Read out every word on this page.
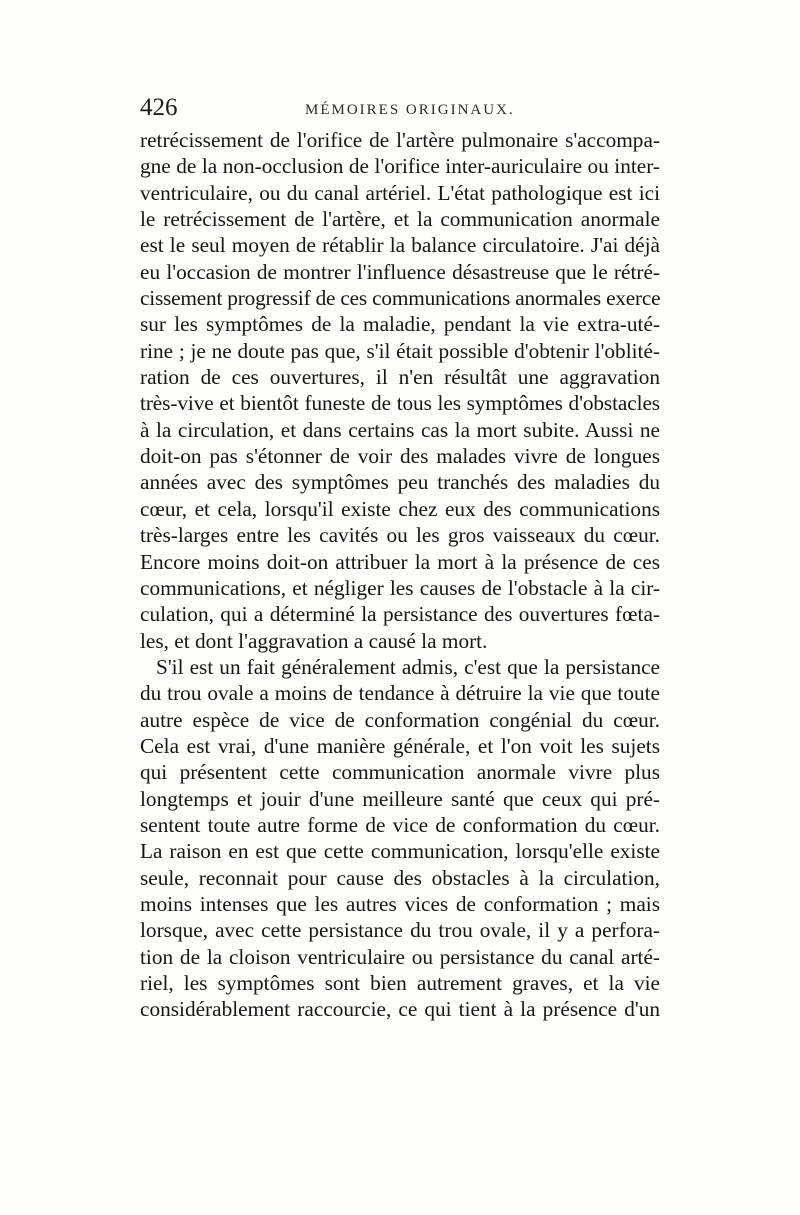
426	MÉMOIRES ORIGINAUX.
retrécissement de l'orifice de l'artère pulmonaire s'accompa-
gne de la non-occlusion de l'orifice inter-auriculaire ou inter-
ventriculaire, ou du canal artériel. L'état pathologique est ici
le retrécissement de l'artère, et la communication anormale
est le seul moyen de rétablir la balance circulatoire. J'ai déjà
eu l'occasion de montrer l'influence désastreuse que le rétré-
cissement progressif de ces communications anormales exerce
sur les symptômes de la maladie, pendant la vie extra-uté-
rine ; je ne doute pas que, s'il était possible d'obtenir l'oblité-
ration de ces ouvertures, il n'en résultât une aggravation
très-vive et bientôt funeste de tous les symptômes d'obstacles
à la circulation, et dans certains cas la mort subite. Aussi ne
doit-on pas s'étonner de voir des malades vivre de longues
années avec des symptômes peu tranchés des maladies du
cœur, et cela, lorsqu'il existe chez eux des communications
très-larges entre les cavités ou les gros vaisseaux du cœur.
Encore moins doit-on attribuer la mort à la présence de ces
communications, et négliger les causes de l'obstacle à la cir-
culation, qui a déterminé la persistance des ouvertures fœta-
les, et dont l'aggravation a causé la mort.
S'il est un fait généralement admis, c'est que la persistance
du trou ovale a moins de tendance à détruire la vie que toute
autre espèce de vice de conformation congénial du cœur.
Cela est vrai, d'une manière générale, et l'on voit les sujets
qui présentent cette communication anormale vivre plus
longtemps et jouir d'une meilleure santé que ceux qui pré-
sentent toute autre forme de vice de conformation du cœur.
La raison en est que cette communication, lorsqu'elle existe
seule, reconnait pour cause des obstacles à la circulation,
moins intenses que les autres vices de conformation ; mais
lorsque, avec cette persistance du trou ovale, il y a perfora-
tion de la cloison ventriculaire ou persistance du canal arté-
riel, les symptômes sont bien autrement graves, et la vie
considérablement raccourcie, ce qui tient à la présence d'un
